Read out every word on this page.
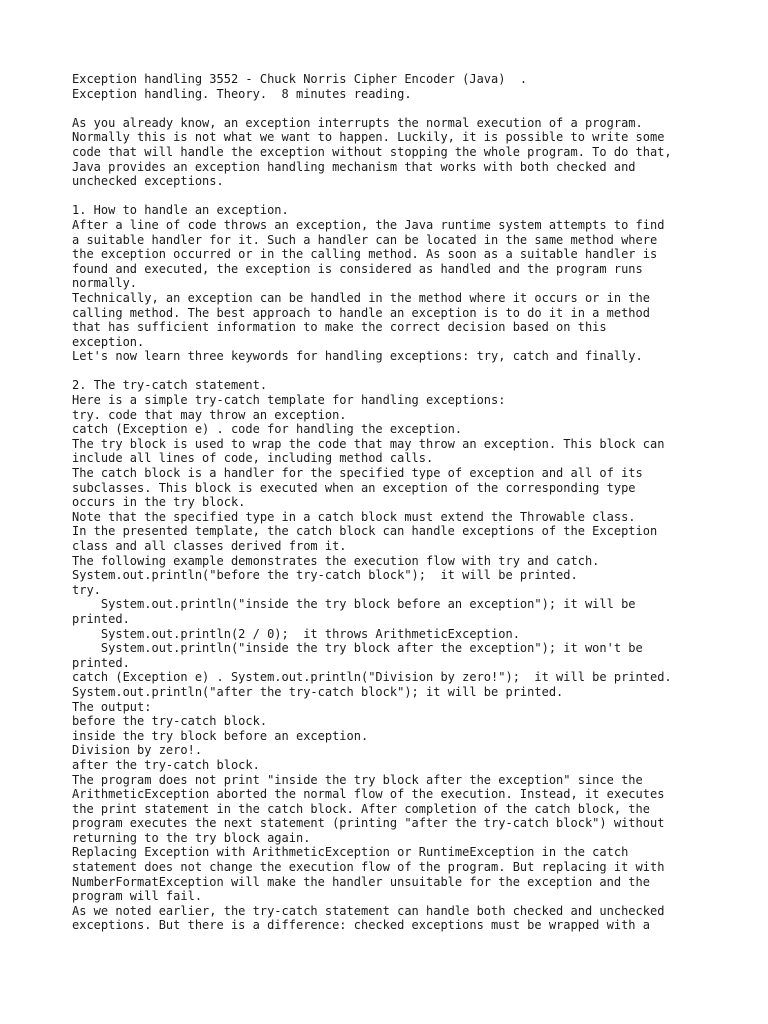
Exception handling 3552 - Chuck Norris Cipher Encoder (Java)  .
Exception handling. Theory.  8 minutes reading.
As you already know, an exception interrupts the normal execution of a program.
Normally this is not what we want to happen. Luckily, it is possible to write some
code that will handle the exception without stopping the whole program. To do that,
Java provides an exception handling mechanism that works with both checked and
unchecked exceptions.
1. How to handle an exception.
After a line of code throws an exception, the Java runtime system attempts to find
a suitable handler for it. Such a handler can be located in the same method where
the exception occurred or in the calling method. As soon as a suitable handler is
found and executed, the exception is considered as handled and the program runs
normally.
Technically, an exception can be handled in the method where it occurs or in the
calling method. The best approach to handle an exception is to do it in a method
that has sufficient information to make the correct decision based on this
exception.
Let's now learn three keywords for handling exceptions: try, catch and finally.
2. The try-catch statement.
Here is a simple try-catch template for handling exceptions:
try. code that may throw an exception.
catch (Exception e) . code for handling the exception.
The try block is used to wrap the code that may throw an exception. This block can
include all lines of code, including method calls.
The catch block is a handler for the specified type of exception and all of its
subclasses. This block is executed when an exception of the corresponding type
occurs in the try block.
Note that the specified type in a catch block must extend the Throwable class.
In the presented template, the catch block can handle exceptions of the Exception
class and all classes derived from it.
The following example demonstrates the execution flow with try and catch.
System.out.println("before the try-catch block");  it will be printed.
try.
System.out.println("inside the try block before an exception"); it will be
printed.
System.out.println(2 / 0);  it throws ArithmeticException.
System.out.println("inside the try block after the exception"); it won't be
printed.
catch (Exception e) . System.out.println("Division by zero!");  it will be printed.
System.out.println("after the try-catch block"); it will be printed.
The output:
before the try-catch block.
inside the try block before an exception.
Division by zero!.
after the try-catch block.
The program does not print "inside the try block after the exception" since the
ArithmeticException aborted the normal flow of the execution. Instead, it executes
the print statement in the catch block. After completion of the catch block, the
program executes the next statement (printing "after the try-catch block") without
returning to the try block again.
Replacing Exception with ArithmeticException or RuntimeException in the catch
statement does not change the execution flow of the program. But replacing it with
NumberFormatException will make the handler unsuitable for the exception and the
program will fail.
As we noted earlier, the try-catch statement can handle both checked and unchecked
exceptions. But there is a difference: checked exceptions must be wrapped with a
